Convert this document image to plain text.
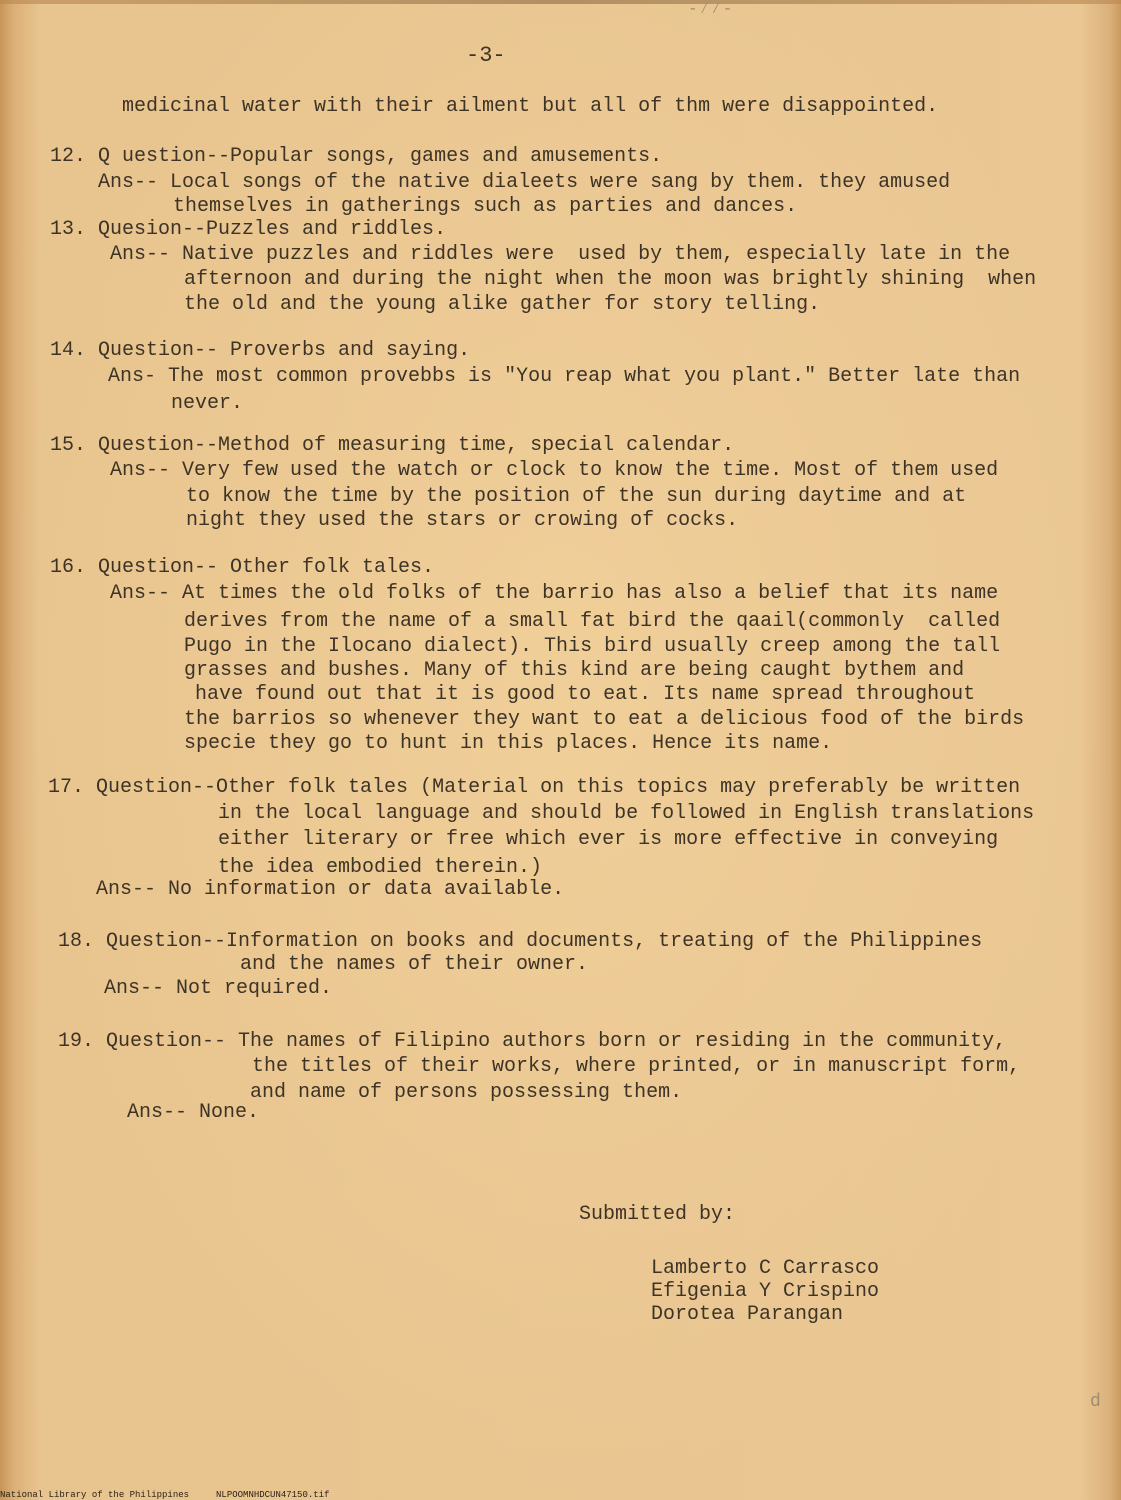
-⁄⁄-
-3-
medicinal water with their ailment but all of thm were disappointed.
12. Q uestion--Popular songs, games and amusements.
Ans-- Local songs of the native dialeets were sang by them. they amused
themselves in gatherings such as parties and dances.
13. Quesion--Puzzles and riddles.
Ans-- Native puzzles and riddles were  used by them, especially late in the
afternoon and during the night when the moon was brightly shining  when
the old and the young alike gather for story telling.
14. Question-- Proverbs and saying.
Ans- The most common provebbs is "You reap what you plant." Better late than
never.
15. Question--Method of measuring time, special calendar.
Ans-- Very few used the watch or clock to know the time. Most of them used
to know the time by the position of the sun during daytime and at
night they used the stars or crowing of cocks.
16. Question-- Other folk tales.
Ans-- At times the old folks of the barrio has also a belief that its name
derives from the name of a small fat bird the qaail(commonly  called
Pugo in the Ilocano dialect). This bird usually creep among the tall
grasses and bushes. Many of this kind are being caught bythem and
have found out that it is good to eat. Its name spread throughout
the barrios so whenever they want to eat a delicious food of the birds
specie they go to hunt in this places. Hence its name.
17. Question--Other folk tales (Material on this topics may preferably be written
in the local language and should be followed in English translations
either literary or free which ever is more effective in conveying
the idea embodied therein.)
Ans-- No information or data available.
18. Question--Information on books and documents, treating of the Philippines
and the names of their owner.
Ans-- Not required.
19. Question-- The names of Filipino authors born or residing in the community,
the titles of their works, where printed, or in manuscript form,
and name of persons possessing them.
Ans-- None.
Submitted by:
Lamberto C Carrasco
Efigenia Y Crispino
Dorotea Parangan
d
National Library of the Philippines     NLPOOMNHDCUN47150.tif
